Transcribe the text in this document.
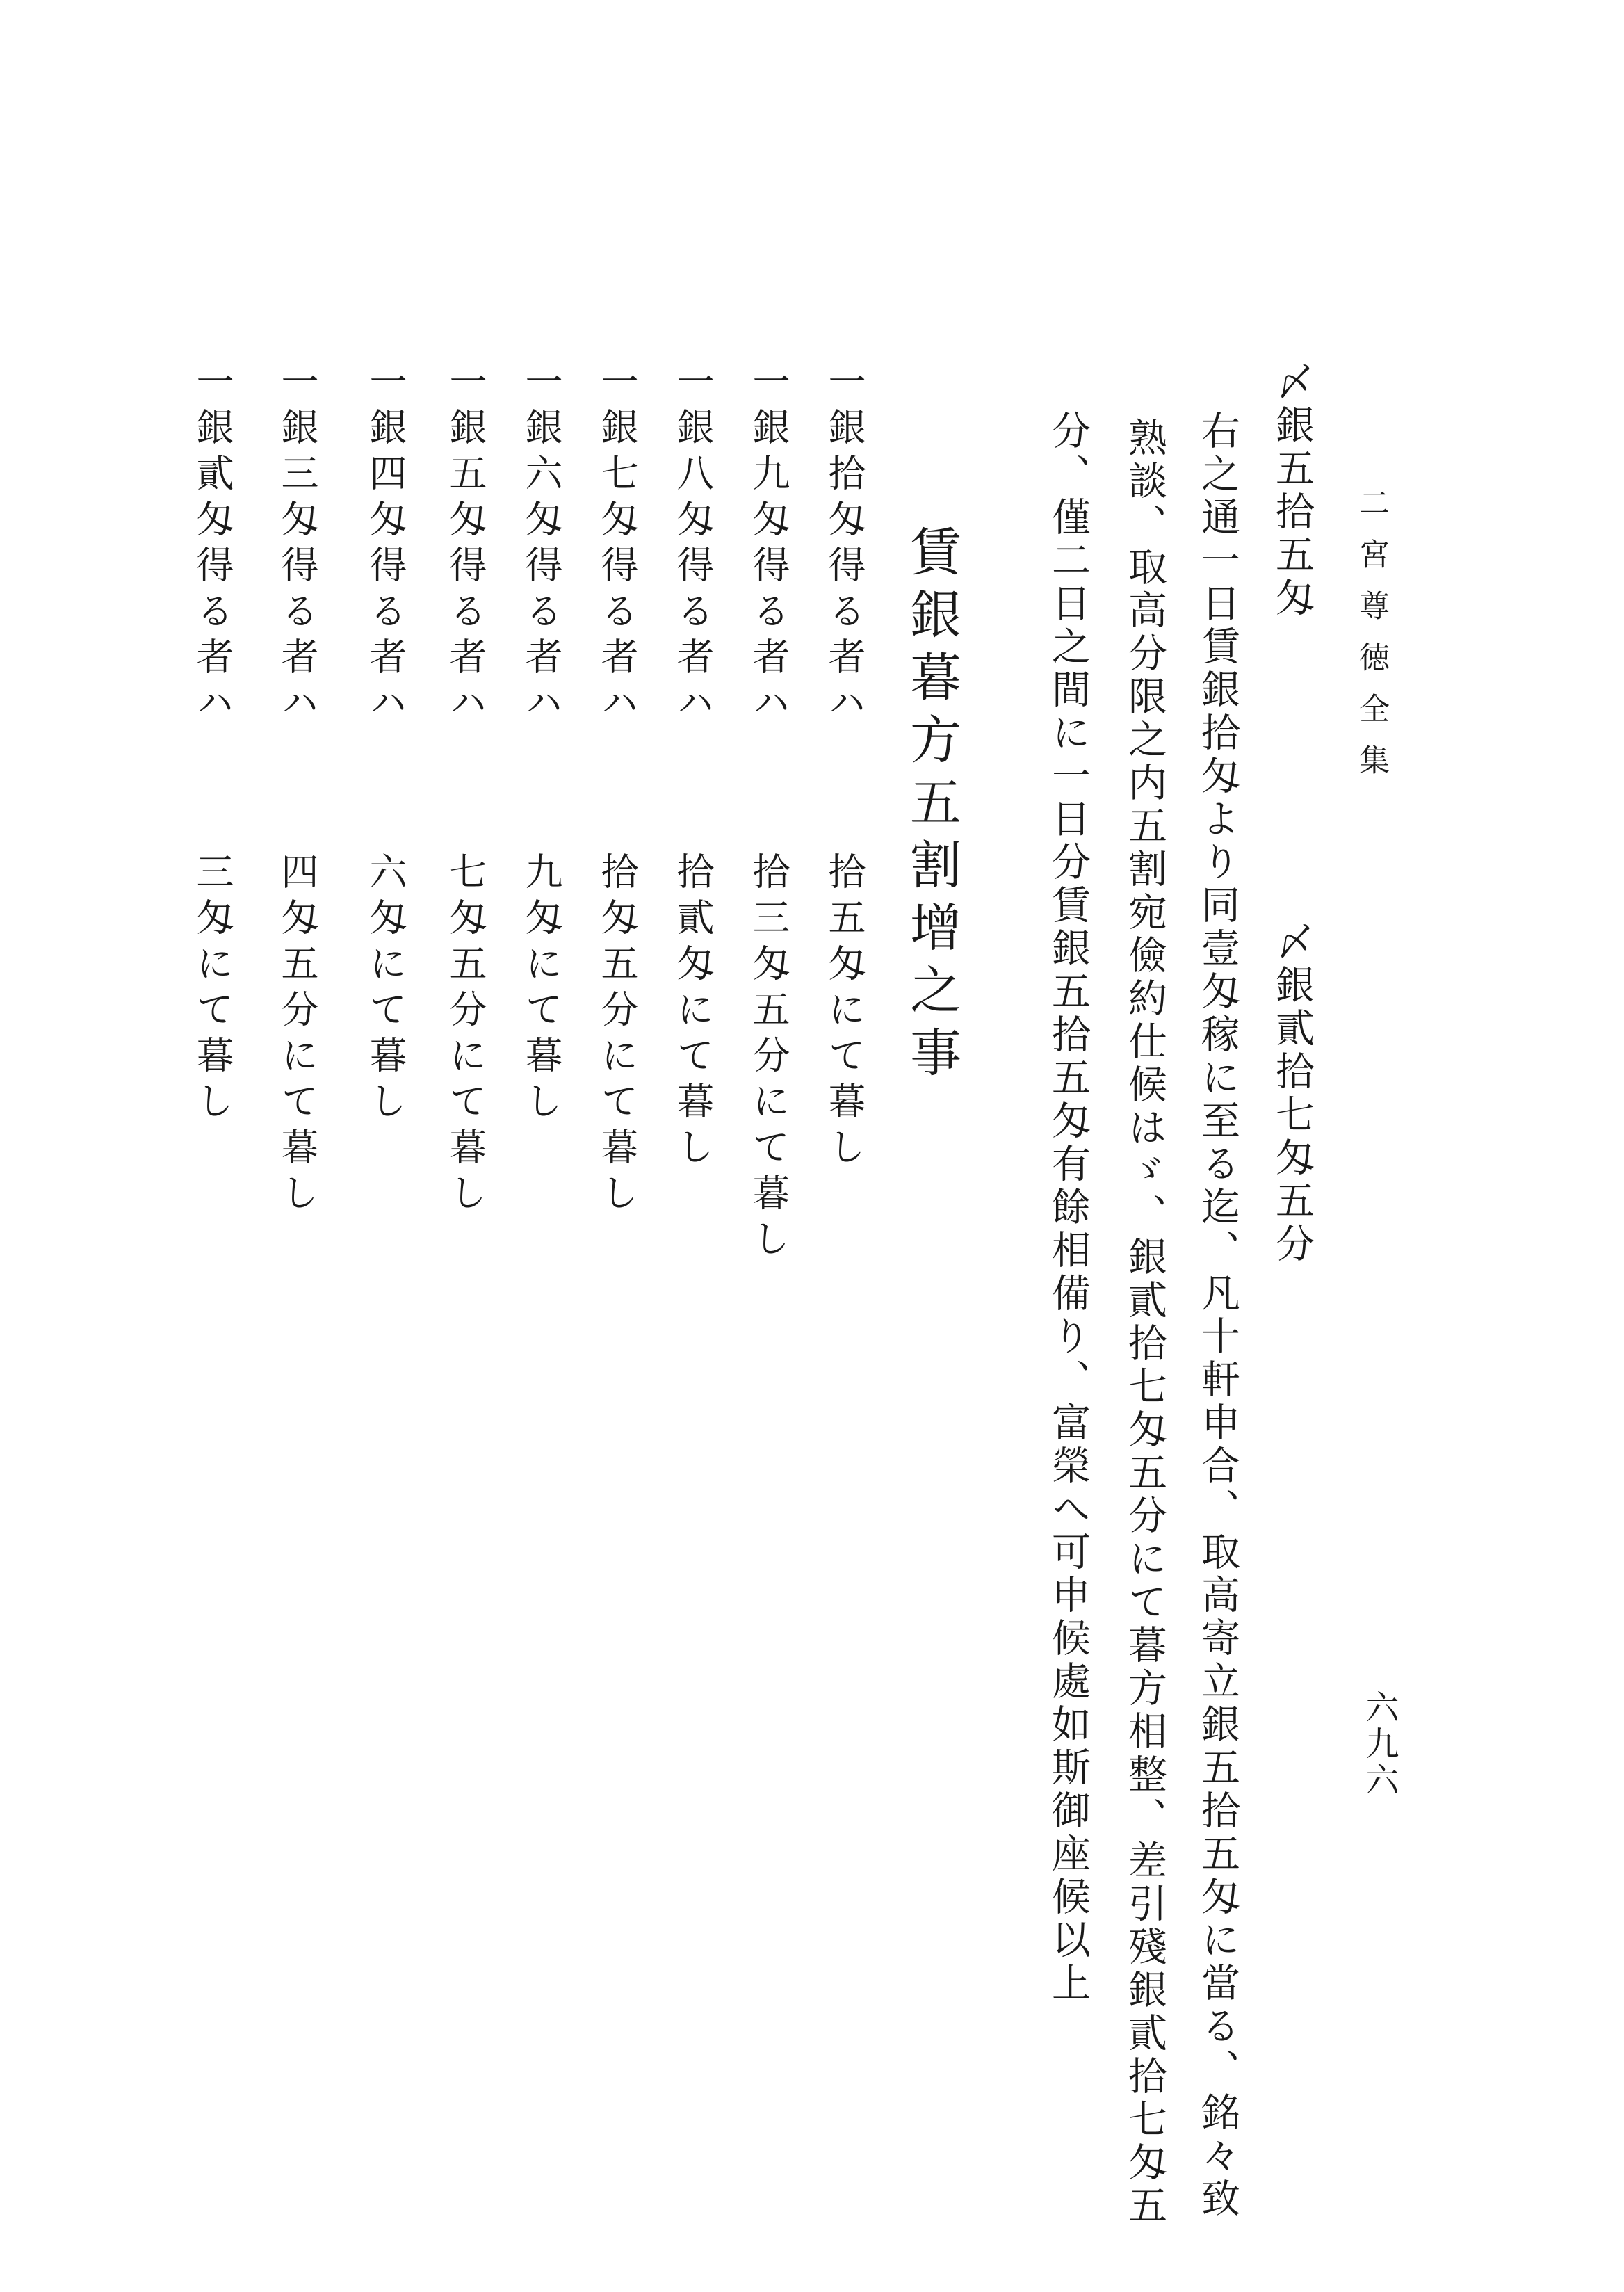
二宮尊徳全集
六九六
〆銀五拾五匁
〆銀貳拾七匁五分
右之通一日賃銀拾匁より同壹匁稼に至る迄、凡十軒申合、取高寄立銀五拾五匁に當る、銘々致
熟談、取高分限之内五割宛儉約仕候はゞ、銀貳拾七匁五分にて暮方相整、差引殘銀貳拾七匁五
分、僅二日之間に一日分賃銀五拾五匁有餘相備り、富榮へ可申候處如斯御座候以上
賃銀暮方五割增之事
一銀拾匁得る者ハ
拾五匁にて暮し
一銀九匁得る者ハ
拾三匁五分にて暮し
一銀八匁得る者ハ
拾貳匁にて暮し
一銀七匁得る者ハ
拾匁五分にて暮し
一銀六匁得る者ハ
九匁にて暮し
一銀五匁得る者ハ
七匁五分にて暮し
一銀四匁得る者ハ
六匁にて暮し
一銀三匁得る者ハ
四匁五分にて暮し
一銀貳匁得る者ハ
三匁にて暮し
